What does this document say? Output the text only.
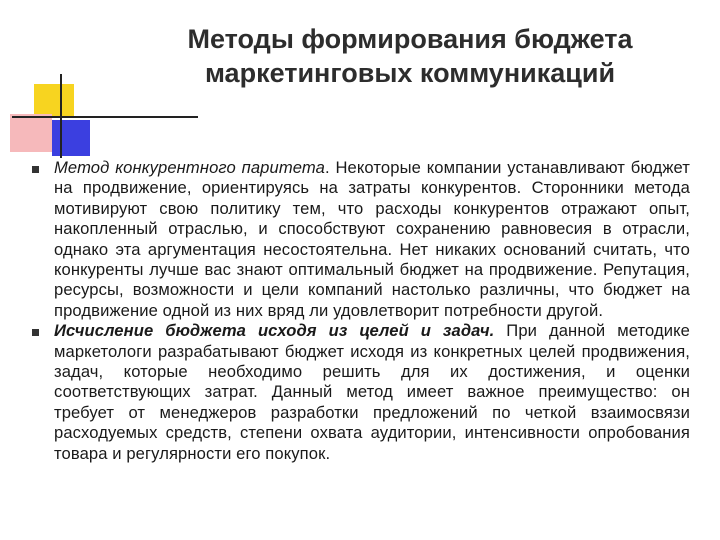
Методы формирования бюджета
маркетинговых коммуникаций

Метод конкурентного паритета. Некоторые компании устанавливают бюджет на продвижение, ориентируясь на затраты конкурентов. Сторонники метода мотивируют свою политику тем, что расходы конкурентов отражают опыт, накопленный отраслью, и способствуют сохранению равновесия в отрасли, однако эта аргументация несостоятельна. Нет никаких оснований считать, что конкуренты лучше вас знают оптимальный бюджет на продвижение. Репутация, ресурсы, возможности и цели компаний настолько различны, что бюджет на продвижение одной из них вряд ли удовлетворит потребности другой.

Исчисление бюджета исходя из целей и задач. При данной методике маркетологи разрабатывают бюджет исходя из конкретных целей продвижения, задач, которые необходимо решить для их достижения, и оценки соответствующих затрат. Данный метод имеет важное преимущество: он требует от менеджеров разработки предложений по четкой взаимосвязи расходуемых средств, степени охвата аудитории, интенсивности опробования товара и регулярности его покупок.
